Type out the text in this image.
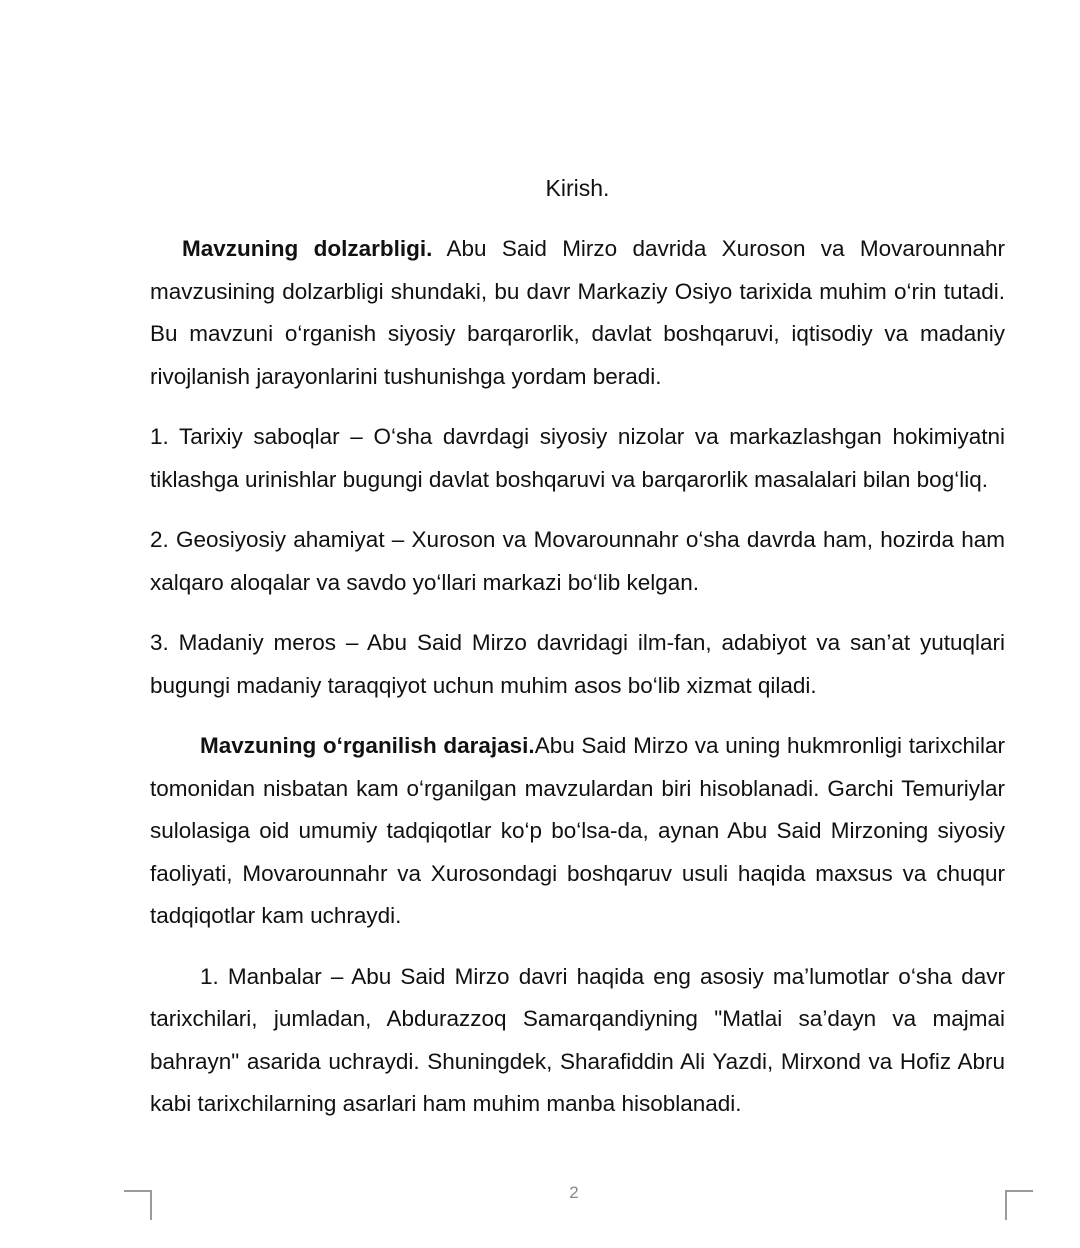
Kirish.

Mavzuning dolzarbligi. Abu Said Mirzo davrida Xuroson va Movarounnahr mavzusining dolzarbligi shundaki, bu davr Markaziy Osiyo tarixida muhim o‘rin tutadi. Bu mavzuni o‘rganish siyosiy barqarorlik, davlat boshqaruvi, iqtisodiy va madaniy rivojlanish jarayonlarini tushunishga yordam beradi.

1. Tarixiy saboqlar – O‘sha davrdagi siyosiy nizolar va markazlashgan hokimiyatni tiklashga urinishlar bugungi davlat boshqaruvi va barqarorlik masalalari bilan bog‘liq.

2. Geosiyosiy ahamiyat – Xuroson va Movarounnahr o‘sha davrda ham, hozirda ham xalqaro aloqalar va savdo yo‘llari markazi bo‘lib kelgan.

3. Madaniy meros – Abu Said Mirzo davridagi ilm-fan, adabiyot va san’at yutuqlari bugungi madaniy taraqqiyot uchun muhim asos bo‘lib xizmat qiladi.

Mavzuning o‘rganilish darajasi.Abu Said Mirzo va uning hukmronligi tarixchilar tomonidan nisbatan kam o‘rganilgan mavzulardan biri hisoblanadi. Garchi Temuriylar sulolasiga oid umumiy tadqiqotlar ko‘p bo‘lsa-da, aynan Abu Said Mirzoning siyosiy faoliyati, Movarounnahr va Xurosondagi boshqaruv usuli haqida maxsus va chuqur tadqiqotlar kam uchraydi.

1. Manbalar – Abu Said Mirzo davri haqida eng asosiy ma’lumotlar o‘sha davr tarixchilari, jumladan, Abdurazzoq Samarqandiyning "Matlai sa’dayn va majmai bahrayn" asarida uchraydi. Shuningdek, Sharafiddin Ali Yazdi, Mirxond va Hofiz Abru kabi tarixchilarning asarlari ham muhim manba hisoblanadi.

2
